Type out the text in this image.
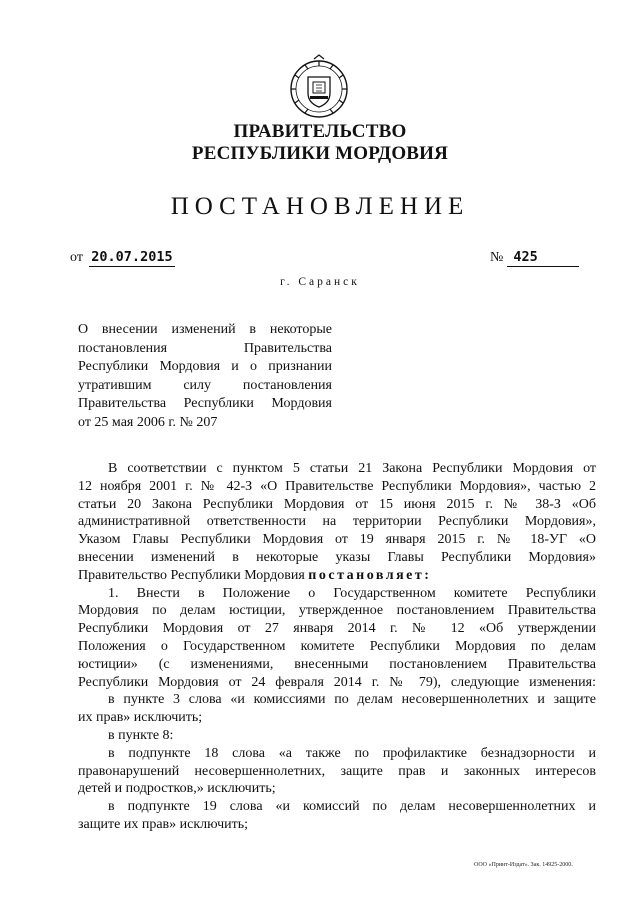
ПРАВИТЕЛЬСТВО
РЕСПУБЛИКИ МОРДОВИЯ
ПОСТАНОВЛЕНИЕ
от 20.07.2015	№ 425
г. Саранск
О внесении изменений в некоторые
постановления Правительства
Республики Мордовия и о признании
утратившим силу постановления
Правительства Республики Мордовия
от 25 мая 2006 г. № 207
В соответствии с пунктом 5 статьи 21 Закона Республики Мордовия от
12 ноября 2001 г. № 42-З «О Правительстве Республики Мордовия», частью 2
статьи 20 Закона Республики Мордовия от 15 июня 2015 г. № 38-З «Об
административной ответственности на территории Республики Мордовия»,
Указом Главы Республики Мордовия от 19 января 2015 г. № 18-УГ «О
внесении изменений в некоторые указы Главы Республики Мордовия»
Правительство Республики Мордовия постановляет:
1. Внести в Положение о Государственном комитете Республики
Мордовия по делам юстиции, утвержденное постановлением Правительства
Республики Мордовия от 27 января 2014 г. № 12 «Об утверждении
Положения о Государственном комитете Республики Мордовия по делам
юстиции» (с изменениями, внесенными постановлением Правительства
Республики Мордовия от 24 февраля 2014 г. № 79), следующие изменения:
в пункте 3 слова «и комиссиями по делам несовершеннолетних и защите
их прав» исключить;
в пункте 8:
в подпункте 18 слова «а также по профилактике безнадзорности и
правонарушений несовершеннолетних, защите прав и законных интересов
детей и подростков,» исключить;
в подпункте 19 слова «и комиссий по делам несовершеннолетних и
защите их прав» исключить;
ООО «Принт-Издат». Зак. 14925-2000.
